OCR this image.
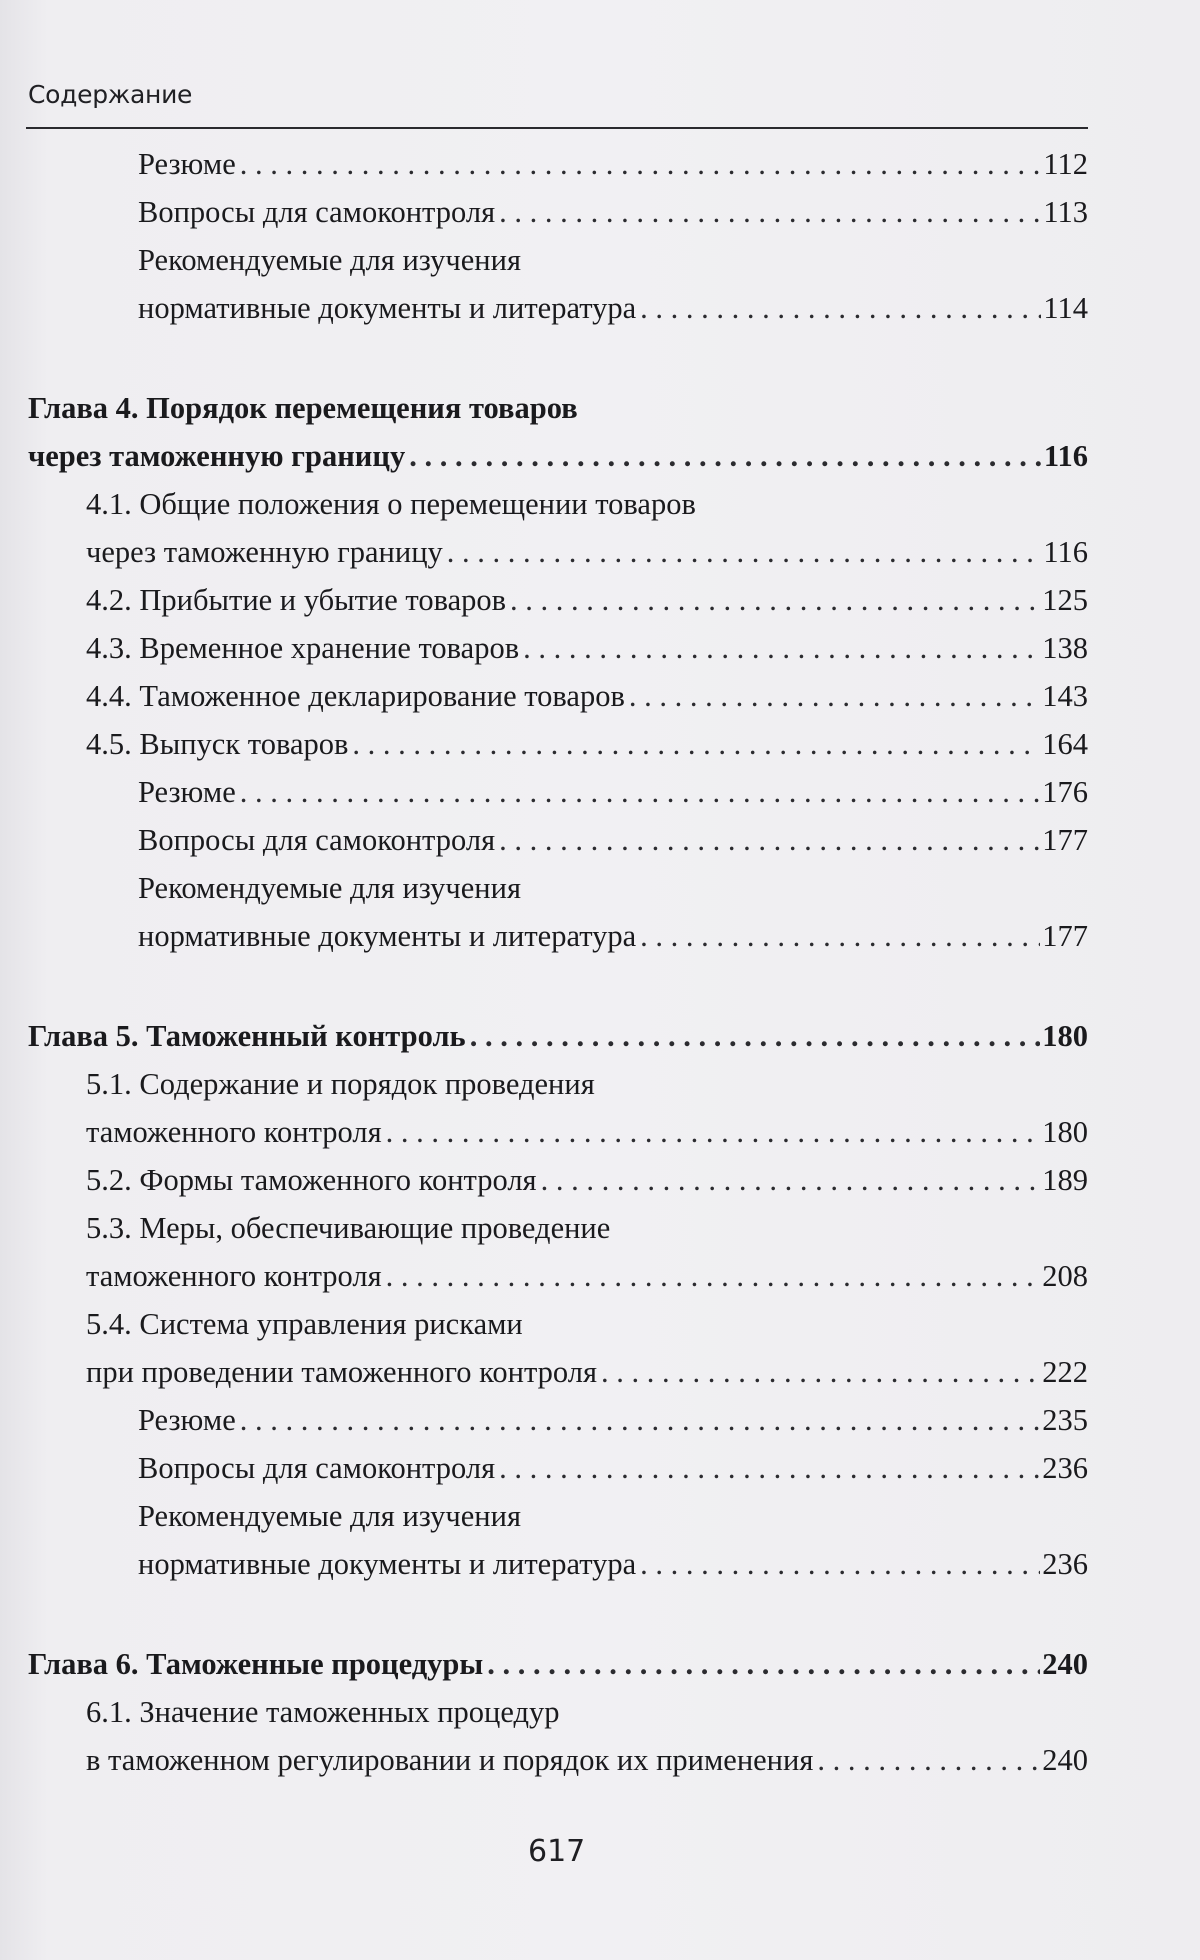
Содержание
Резюме . . .	112
Вопросы для самоконтроля . . .	113
Рекомендуемые для изучения
нормативные документы и литература . . .	114
Глава 4. Порядок перемещения товаров
через таможенную границу . . .	116
4.1. Общие положения о перемещении товаров
через таможенную границу . . .	116
4.2. Прибытие и убытие товаров . . .	125
4.3. Временное хранение товаров . . .	138
4.4. Таможенное декларирование товаров . . .	143
4.5. Выпуск товаров . . .	164
Резюме . . .	176
Вопросы для самоконтроля . . .	177
Рекомендуемые для изучения
нормативные документы и литература . . .	177
Глава 5. Таможенный контроль . . .	180
5.1. Содержание и порядок проведения
таможенного контроля . . .	180
5.2. Формы таможенного контроля . . .	189
5.3. Меры, обеспечивающие проведение
таможенного контроля . . .	208
5.4. Система управления рисками
при проведении таможенного контроля . . .	222
Резюме . . .	235
Вопросы для самоконтроля . . .	236
Рекомендуемые для изучения
нормативные документы и литература . . .	236
Глава 6. Таможенные процедуры . . .	240
6.1. Значение таможенных процедур
в таможенном регулировании и порядок их применения . . .	240
617
